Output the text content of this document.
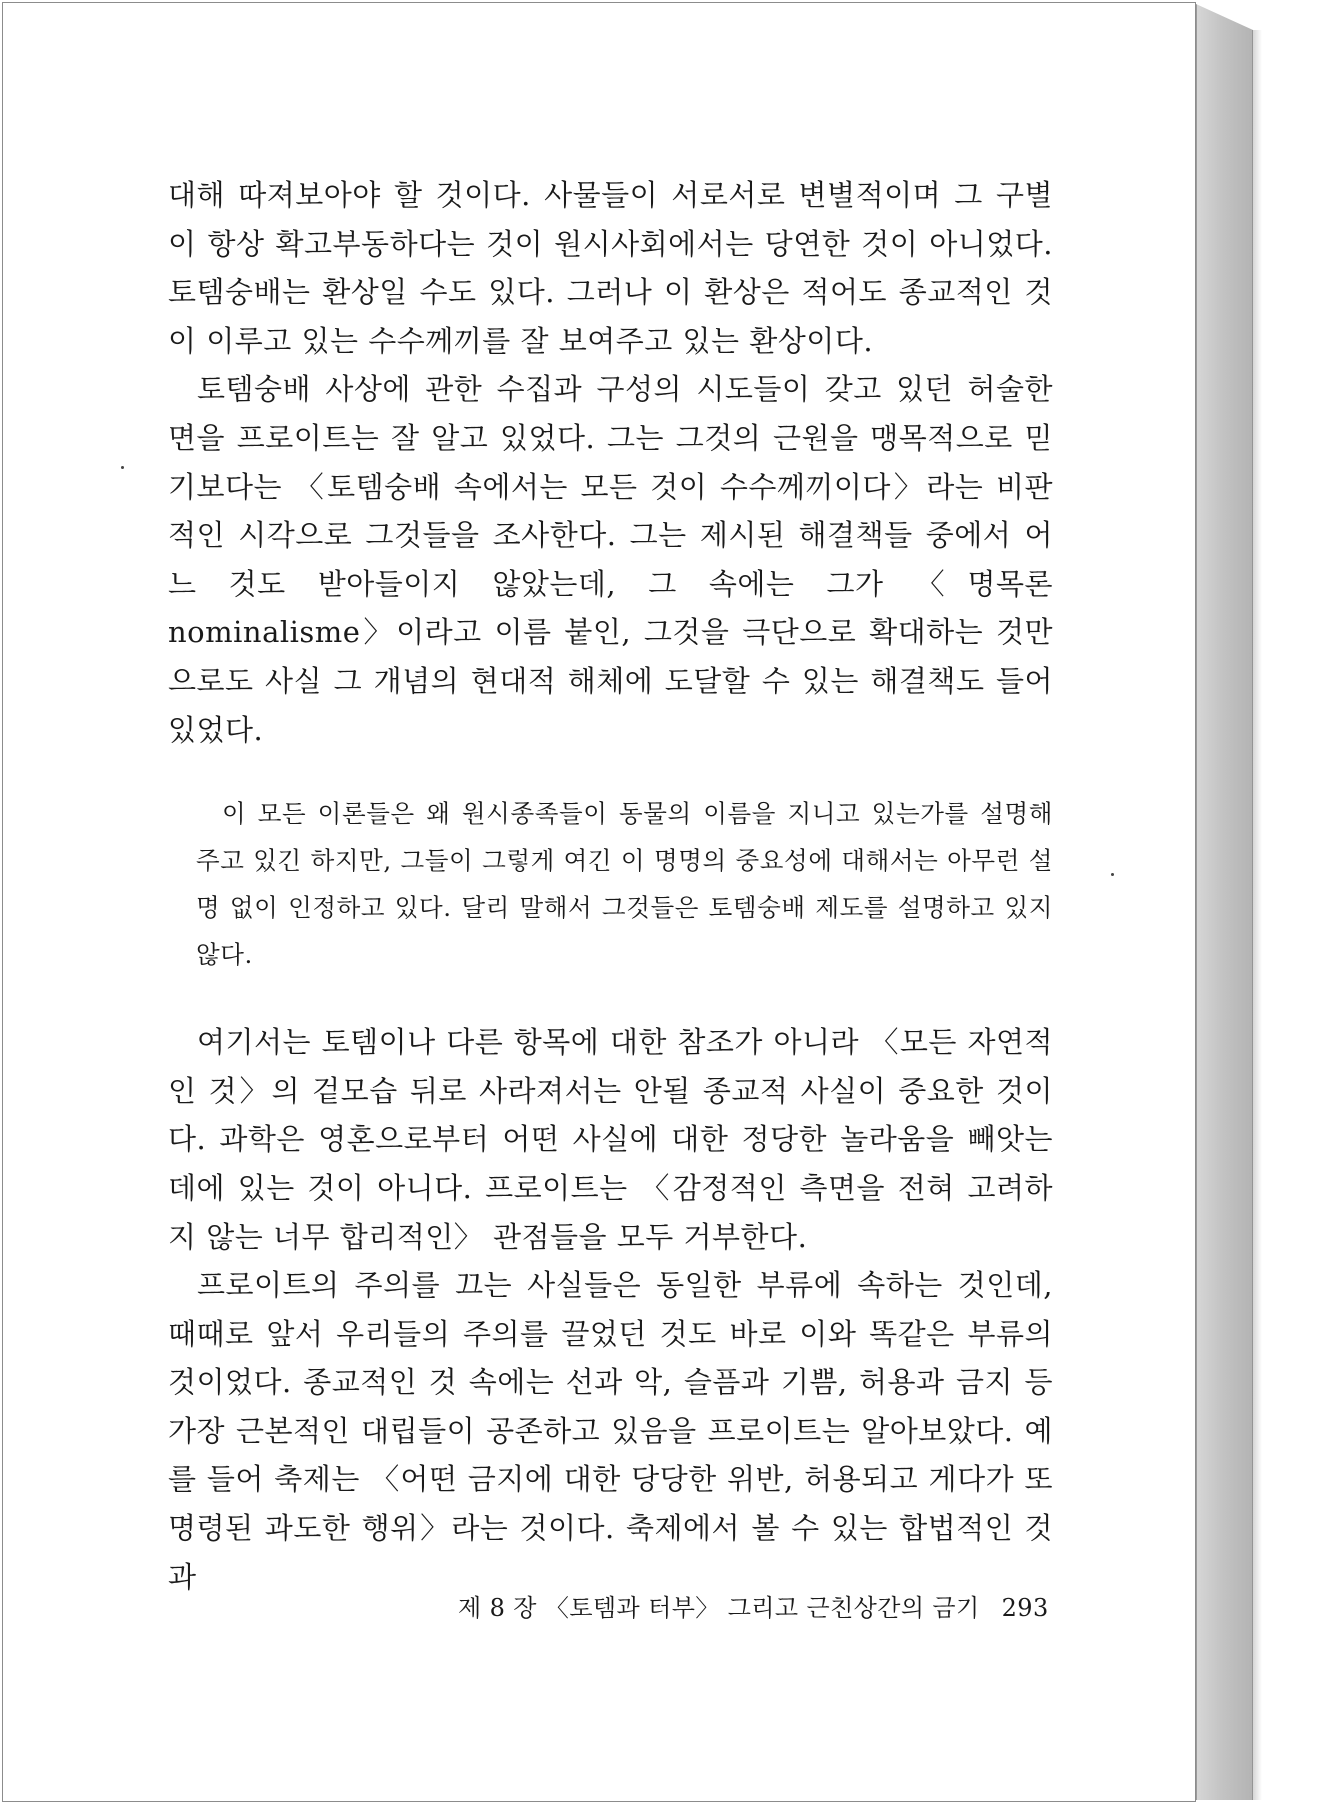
대해 따져보아야 할 것이다. 사물들이 서로서로 변별적이며 그 구별이 항상 확고부동하다는 것이 원시사회에서는 당연한 것이 아니었다. 토템숭배는 환상일 수도 있다. 그러나 이 환상은 적어도 종교적인 것이 이루고 있는 수수께끼를 잘 보여주고 있는 환상이다.

토템숭배 사상에 관한 수집과 구성의 시도들이 갖고 있던 허술한 면을 프로이트는 잘 알고 있었다. 그는 그것의 근원을 맹목적으로 믿기보다는 〈토템숭배 속에서는 모든 것이 수수께끼이다〉라는 비판적인 시각으로 그것들을 조사한다. 그는 제시된 해결책들 중에서 어느 것도 받아들이지 않았는데, 그 속에는 그가 〈명목론 nominalisme〉이라고 이름 붙인, 그것을 극단으로 확대하는 것만으로도 사실 그 개념의 현대적 해체에 도달할 수 있는 해결책도 들어 있었다.

이 모든 이론들은 왜 원시종족들이 동물의 이름을 지니고 있는가를 설명해 주고 있긴 하지만, 그들이 그렇게 여긴 이 명명의 중요성에 대해서는 아무런 설명 없이 인정하고 있다. 달리 말해서 그것들은 토템숭배 제도를 설명하고 있지 않다.

여기서는 토템이나 다른 항목에 대한 참조가 아니라 〈모든 자연적인 것〉의 겉모습 뒤로 사라져서는 안될 종교적 사실이 중요한 것이다. 과학은 영혼으로부터 어떤 사실에 대한 정당한 놀라움을 빼앗는 데에 있는 것이 아니다. 프로이트는 〈감정적인 측면을 전혀 고려하지 않는 너무 합리적인〉 관점들을 모두 거부한다.

프로이트의 주의를 끄는 사실들은 동일한 부류에 속하는 것인데, 때때로 앞서 우리들의 주의를 끌었던 것도 바로 이와 똑같은 부류의 것이었다. 종교적인 것 속에는 선과 악, 슬픔과 기쁨, 허용과 금지 등 가장 근본적인 대립들이 공존하고 있음을 프로이트는 알아보았다. 예를 들어 축제는 〈어떤 금지에 대한 당당한 위반, 허용되고 게다가 또 명령된 과도한 행위〉라는 것이다. 축제에서 볼 수 있는 합법적인 것과

제 8 장 〈토템과 터부〉 그리고 근친상간의 금기 293
